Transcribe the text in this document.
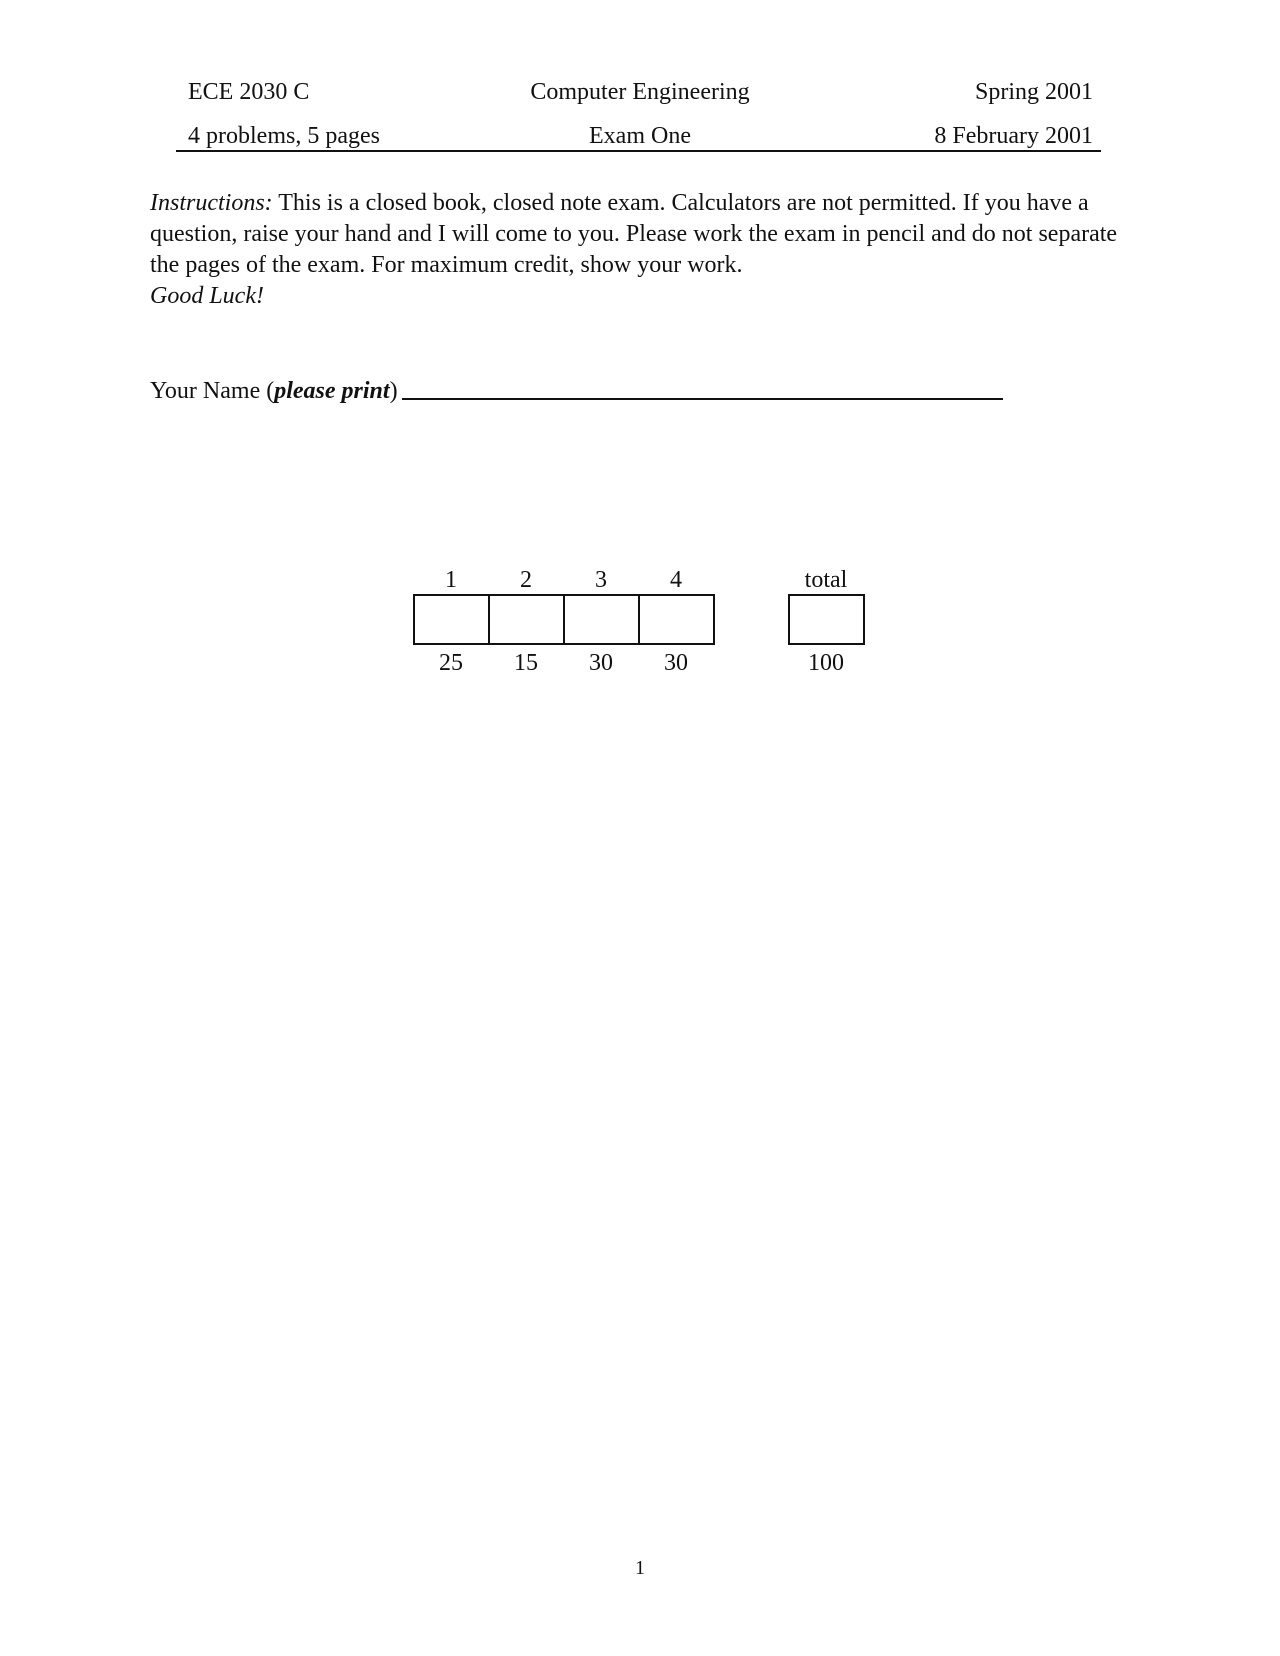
ECE 2030 C	Computer Engineering	Spring 2001
4 problems, 5 pages	Exam One	8 February 2001

Instructions: This is a closed book, closed note exam. Calculators are not permitted. If you have a

question, raise your hand and I will come to you. Please work the exam in pencil and do not separate

the pages of the exam. For maximum credit, show your work.

Good Luck!

Your Name (please print)
1	2	3	4	total
25	15	30	30	100
1
